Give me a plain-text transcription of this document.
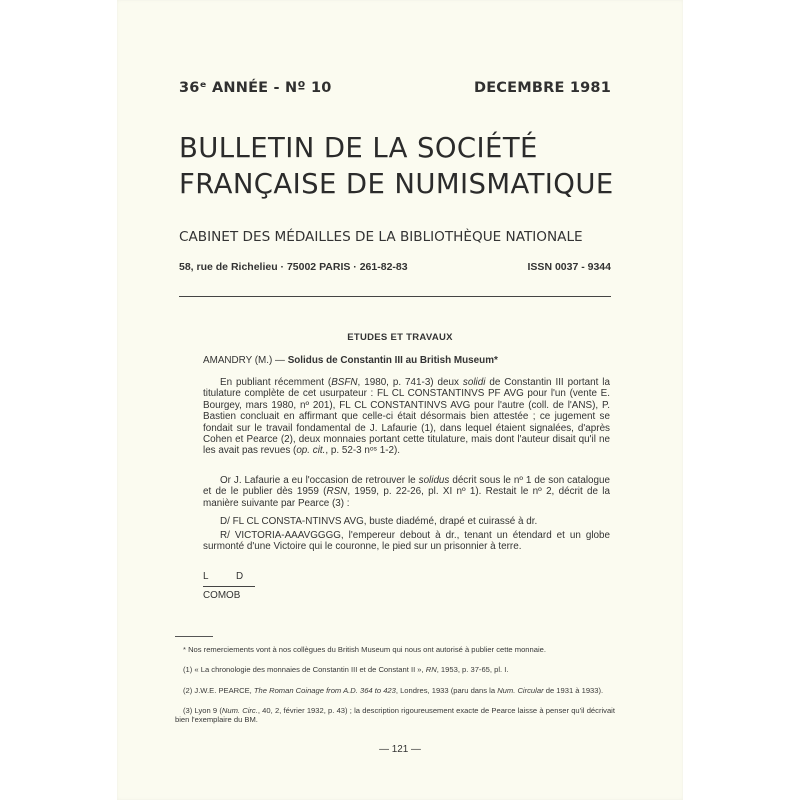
36ᵉ ANNÉE - Nº 10	DECEMBRE 1981
BULLETIN DE LA SOCIÉTÉ
FRANÇAISE DE NUMISMATIQUE
CABINET DES MÉDAILLES DE LA BIBLIOTHÈQUE NATIONALE
58, rue de Richelieu · 75002 PARIS · 261-82-83	ISSN 0037 - 9344
ETUDES ET TRAVAUX
AMANDRY (M.) — Solidus de Constantin III au British Museum*
En publiant récemment (BSFN, 1980, p. 741-3) deux solidi de Constantin III portant la titulature complète de cet usurpateur : FL CL CONSTANTINVS PF AVG pour l'un (vente E. Bourgey, mars 1980, nº 201), FL CL CONSTANTINVS AVG pour l'autre (coll. de l'ANS), P. Bastien concluait en affirmant que celle-ci était désormais bien attestée ; ce jugement se fondait sur le travail fondamental de J. Lafaurie (1), dans lequel étaient signalées, d'après Cohen et Pearce (2), deux monnaies portant cette titulature, mais dont l'auteur disait qu'il ne les avait pas revues (op. cit., p. 52-3 nᵒˢ 1-2).
Or J. Lafaurie a eu l'occasion de retrouver le solidus décrit sous le nº 1 de son catalogue et de le publier dès 1959 (RSN, 1959, p. 22-26, pl. XI nº 1). Restait le nº 2, décrit de la manière suivante par Pearce (3) :
D/ FL CL CONSTA-NTINVS AVG, buste diadémé, drapé et cuirassé à dr.
R/ VICTORIA-AAAVGGGG, l'empereur debout à dr., tenant un étendard et un globe surmonté d'une Victoire qui le couronne, le pied sur un prisonnier à terre.
L	D
COMOB
* Nos remerciements vont à nos collègues du British Museum qui nous ont autorisé à publier cette monnaie.
(1) « La chronologie des monnaies de Constantin III et de Constant II », RN, 1953, p. 37-65, pl. I.
(2) J.W.E. PEARCE, The Roman Coinage from A.D. 364 to 423, Londres, 1933 (paru dans la Num. Circular de 1931 à 1933).
(3) Lyon 9 (Num. Circ., 40, 2, février 1932, p. 43) ; la description rigoureusement exacte de Pearce laisse à penser qu'il décrivait bien l'exemplaire du BM.
— 121 —
